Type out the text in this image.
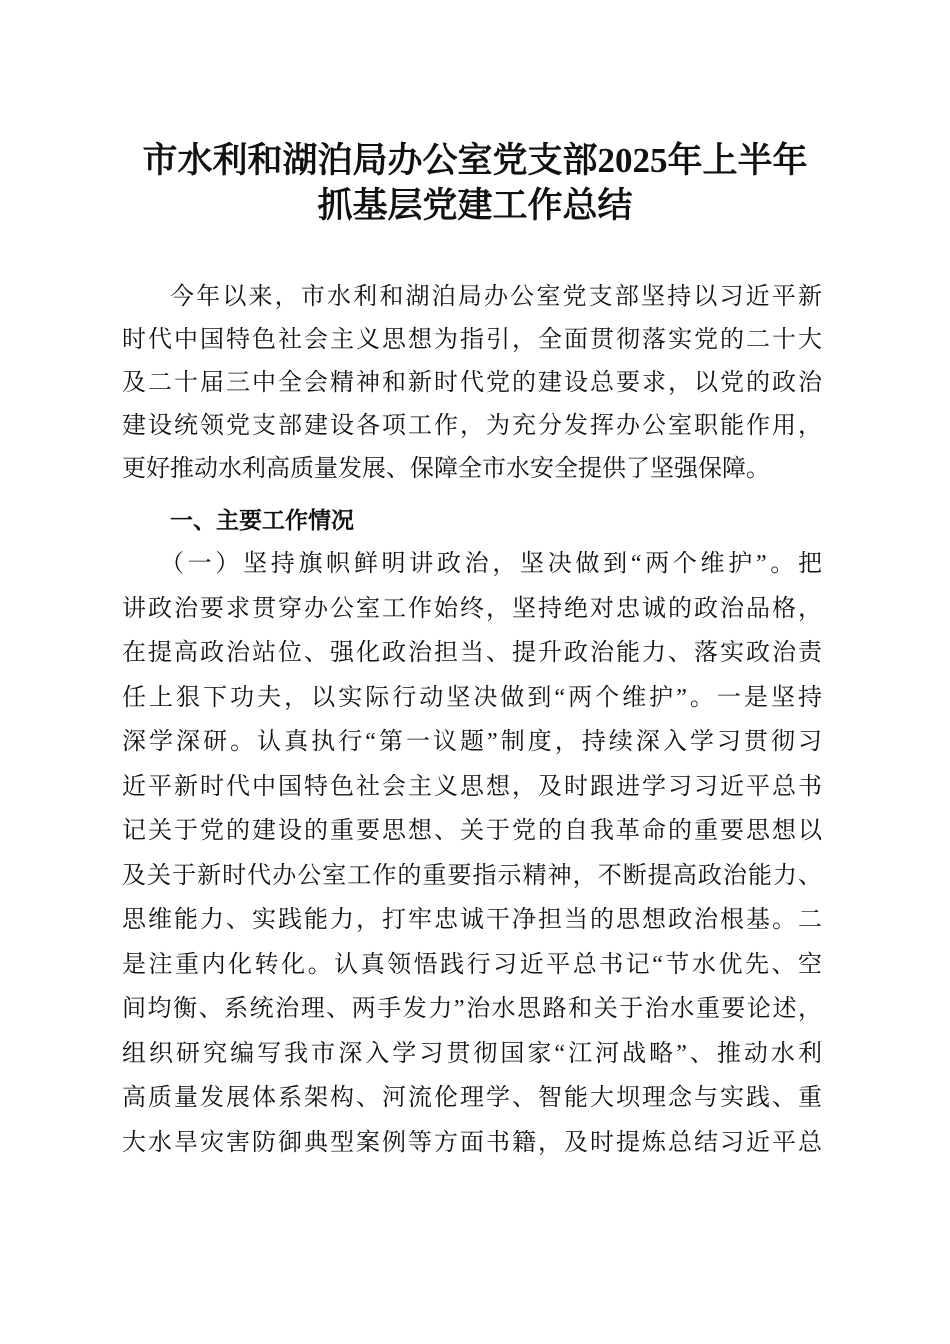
市水利和湖泊局办公室党支部2025年上半年
抓基层党建工作总结
今年以来，市水利和湖泊局办公室党支部坚持以习近平新
时代中国特色社会主义思想为指引，全面贯彻落实党的二十大
及二十届三中全会精神和新时代党的建设总要求，以党的政治
建设统领党支部建设各项工作，为充分发挥办公室职能作用，
更好推动水利高质量发展、保障全市水安全提供了坚强保障。
一、主要工作情况
（一）坚持旗帜鲜明讲政治，坚决做到“两个维护”。把
讲政治要求贯穿办公室工作始终，坚持绝对忠诚的政治品格，
在提高政治站位、强化政治担当、提升政治能力、落实政治责
任上狠下功夫，以实际行动坚决做到“两个维护”。一是坚持
深学深研。认真执行“第一议题”制度，持续深入学习贯彻习
近平新时代中国特色社会主义思想，及时跟进学习习近平总书
记关于党的建设的重要思想、关于党的自我革命的重要思想以
及关于新时代办公室工作的重要指示精神，不断提高政治能力、
思维能力、实践能力，打牢忠诚干净担当的思想政治根基。二
是注重内化转化。认真领悟践行习近平总书记“节水优先、空
间均衡、系统治理、两手发力”治水思路和关于治水重要论述，
组织研究编写我市深入学习贯彻国家“江河战略”、推动水利
高质量发展体系架构、河流伦理学、智能大坝理念与实践、重
大水旱灾害防御典型案例等方面书籍，及时提炼总结习近平总
